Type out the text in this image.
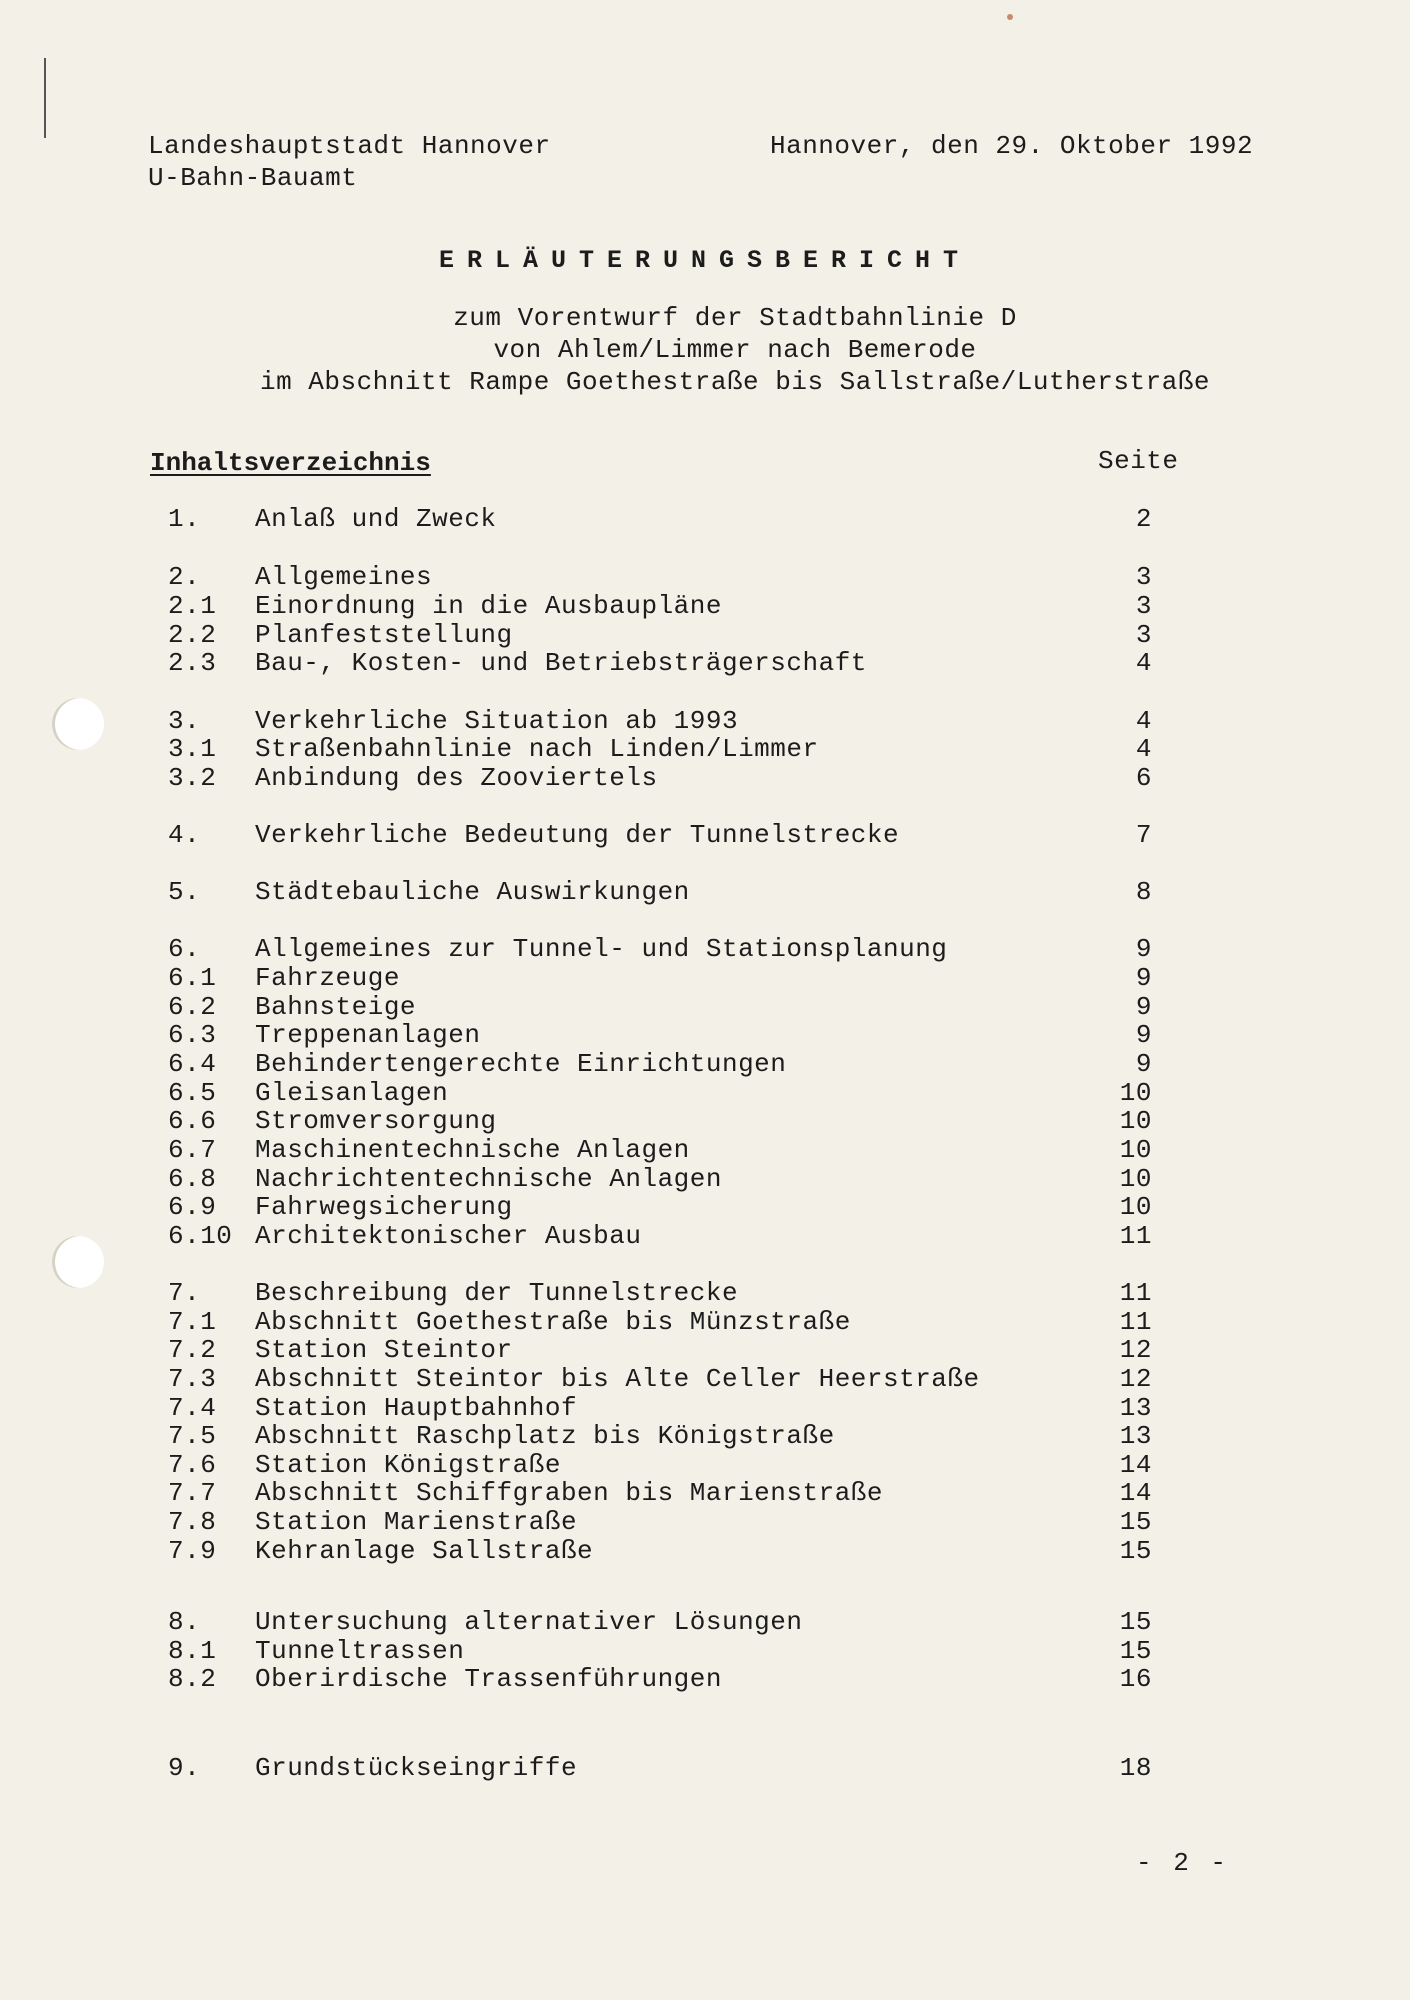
Landeshauptstadt Hannover
U-Bahn-Bauamt
Hannover, den 29. Oktober 1992
ERLÄUTERUNGSBERICHT
zum Vorentwurf der Stadtbahnlinie D
von Ahlem/Limmer nach Bemerode
im Abschnitt Rampe Goethestraße bis Sallstraße/Lutherstraße
Inhaltsverzeichnis	Seite
1. Anlaß und Zweck	2
2. Allgemeines	3
2.1 Einordnung in die Ausbaupläne	3
2.2 Planfeststellung	3
2.3 Bau-, Kosten- und Betriebsträgerschaft	4
3. Verkehrliche Situation ab 1993	4
3.1 Straßenbahnlinie nach Linden/Limmer	4
3.2 Anbindung des Zooviertels	6
4. Verkehrliche Bedeutung der Tunnelstrecke	7
5. Städtebauliche Auswirkungen	8
6. Allgemeines zur Tunnel- und Stationsplanung	9
6.1 Fahrzeuge	9
6.2 Bahnsteige	9
6.3 Treppenanlagen	9
6.4 Behindertengerechte Einrichtungen	9
6.5 Gleisanlagen	10
6.6 Stromversorgung	10
6.7 Maschinentechnische Anlagen	10
6.8 Nachrichtentechnische Anlagen	10
6.9 Fahrwegsicherung	10
6.10 Architektonischer Ausbau	11
7. Beschreibung der Tunnelstrecke	11
7.1 Abschnitt Goethestraße bis Münzstraße	11
7.2 Station Steintor	12
7.3 Abschnitt Steintor bis Alte Celler Heerstraße	12
7.4 Station Hauptbahnhof	13
7.5 Abschnitt Raschplatz bis Königstraße	13
7.6 Station Königstraße	14
7.7 Abschnitt Schiffgraben bis Marienstraße	14
7.8 Station Marienstraße	15
7.9 Kehranlage Sallstraße	15
8. Untersuchung alternativer Lösungen	15
8.1 Tunneltrassen	15
8.2 Oberirdische Trassenführungen	16
9. Grundstückseingriffe	18
- 2 -
